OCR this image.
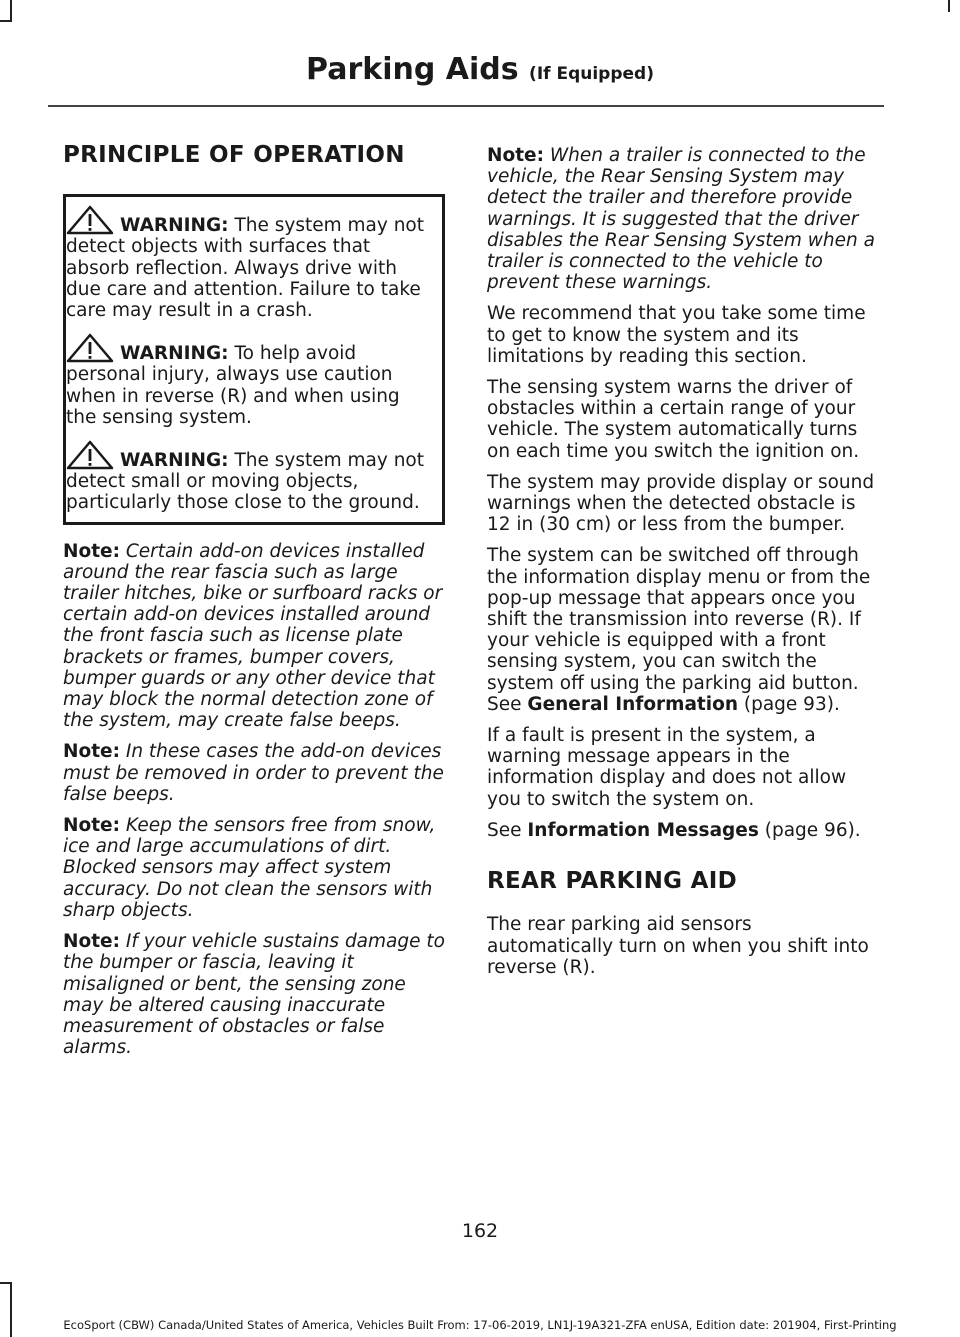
Parking Aids (If Equipped)
PRINCIPLE OF OPERATION

WARNING: The system may not detect objects with surfaces that absorb reflection. Always drive with due care and attention. Failure to take care may result in a crash.

WARNING: To help avoid personal injury, always use caution when in reverse (R) and when using the sensing system.

WARNING: The system may not detect small or moving objects, particularly those close to the ground.

Note: Certain add-on devices installed around the rear fascia such as large trailer hitches, bike or surfboard racks or certain add-on devices installed around the front fascia such as license plate brackets or frames, bumper covers, bumper guards or any other device that may block the normal detection zone of the system, may create false beeps.

Note: In these cases the add-on devices must be removed in order to prevent the false beeps.

Note: Keep the sensors free from snow, ice and large accumulations of dirt. Blocked sensors may affect system accuracy. Do not clean the sensors with sharp objects.

Note: If your vehicle sustains damage to the bumper or fascia, leaving it misaligned or bent, the sensing zone may be altered causing inaccurate measurement of obstacles or false alarms.

Note: When a trailer is connected to the vehicle, the Rear Sensing System may detect the trailer and therefore provide warnings. It is suggested that the driver disables the Rear Sensing System when a trailer is connected to the vehicle to prevent these warnings.

We recommend that you take some time to get to know the system and its limitations by reading this section.

The sensing system warns the driver of obstacles within a certain range of your vehicle. The system automatically turns on each time you switch the ignition on.

The system may provide display or sound warnings when the detected obstacle is 12 in (30 cm) or less from the bumper.

The system can be switched off through the information display menu or from the pop-up message that appears once you shift the transmission into reverse (R). If your vehicle is equipped with a front sensing system, you can switch the system off using the parking aid button. See General Information (page 93).

If a fault is present in the system, a warning message appears in the information display and does not allow you to switch the system on.

See Information Messages (page 96).

REAR PARKING AID

The rear parking aid sensors automatically turn on when you shift into reverse (R).

162
EcoSport (CBW) Canada/United States of America, Vehicles Built From: 17-06-2019, LN1J-19A321-ZFA enUSA, Edition date: 201904, First-Printing
